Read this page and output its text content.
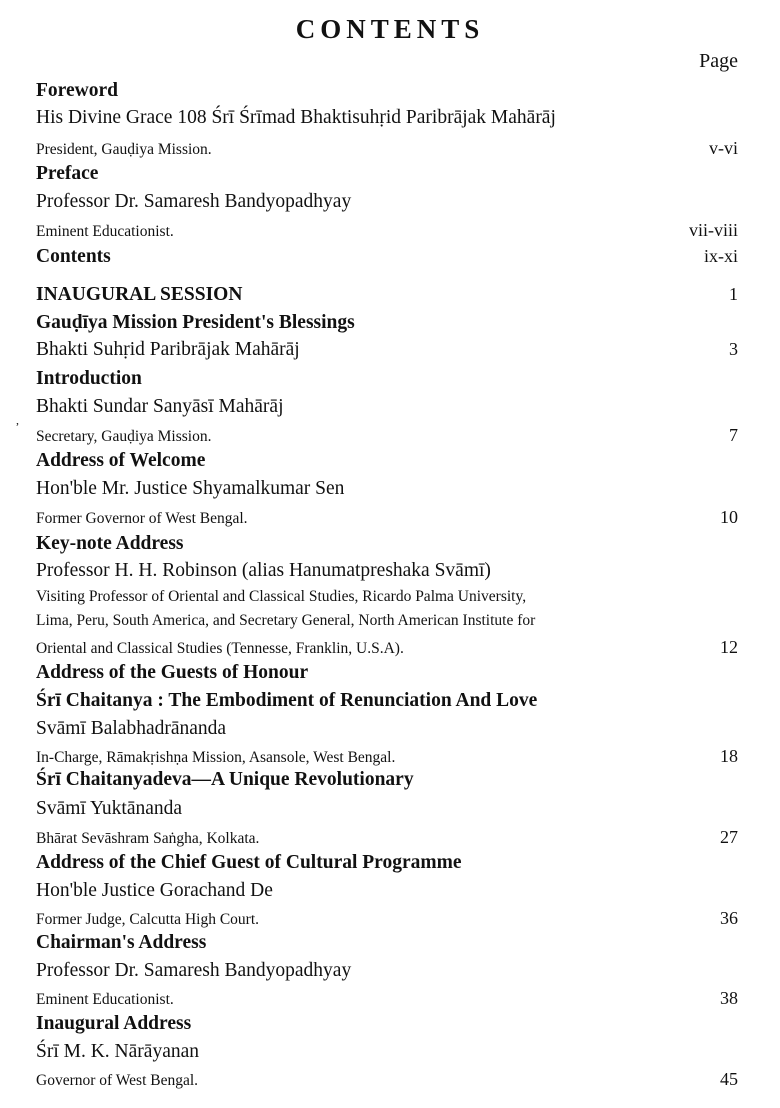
CONTENTS
Page
,
Foreword
His Divine Grace 108 Śrī Śrīmad Bhaktisuhṛid Paribrājak Mahārāj
President, Gauḍiya Mission.	v-vi
Preface
Professor Dr. Samaresh Bandyopadhyay
Eminent Educationist.	vii-viii
Contents	ix-xi
INAUGURAL SESSION	1
Gauḍīya Mission President's Blessings
Bhakti Suhṛid Paribrājak Mahārāj	3
Introduction
Bhakti Sundar Sanyāsī Mahārāj
Secretary, Gauḍiya Mission.	7
Address of Welcome
Hon'ble Mr. Justice Shyamalkumar Sen
Former Governor of West Bengal.	10
Key-note Address
Professor H. H. Robinson (alias Hanumatpreshaka Svāmī)
Visiting Professor of Oriental and Classical Studies, Ricardo Palma University,
Lima, Peru, South America, and Secretary General, North American Institute for
Oriental and Classical Studies (Tennesse, Franklin, U.S.A).	12
Address of the Guests of Honour
Śrī Chaitanya : The Embodiment of Renunciation And Love
Svāmī Balabhadrānanda
In-Charge, Rāmakṛishṇa Mission, Asansole, West Bengal.	18
Śrī Chaitanyadeva—A Unique Revolutionary
Svāmī Yuktānanda
Bhārat Sevāshram Saṅgha, Kolkata.	27
Address of the Chief Guest of Cultural Programme
Hon'ble Justice Gorachand De
Former Judge, Calcutta High Court.	36
Chairman's Address
Professor Dr. Samaresh Bandyopadhyay
Eminent Educationist.	38
Inaugural Address
Śrī M. K. Nārāyanan
Governor of West Bengal.	45
